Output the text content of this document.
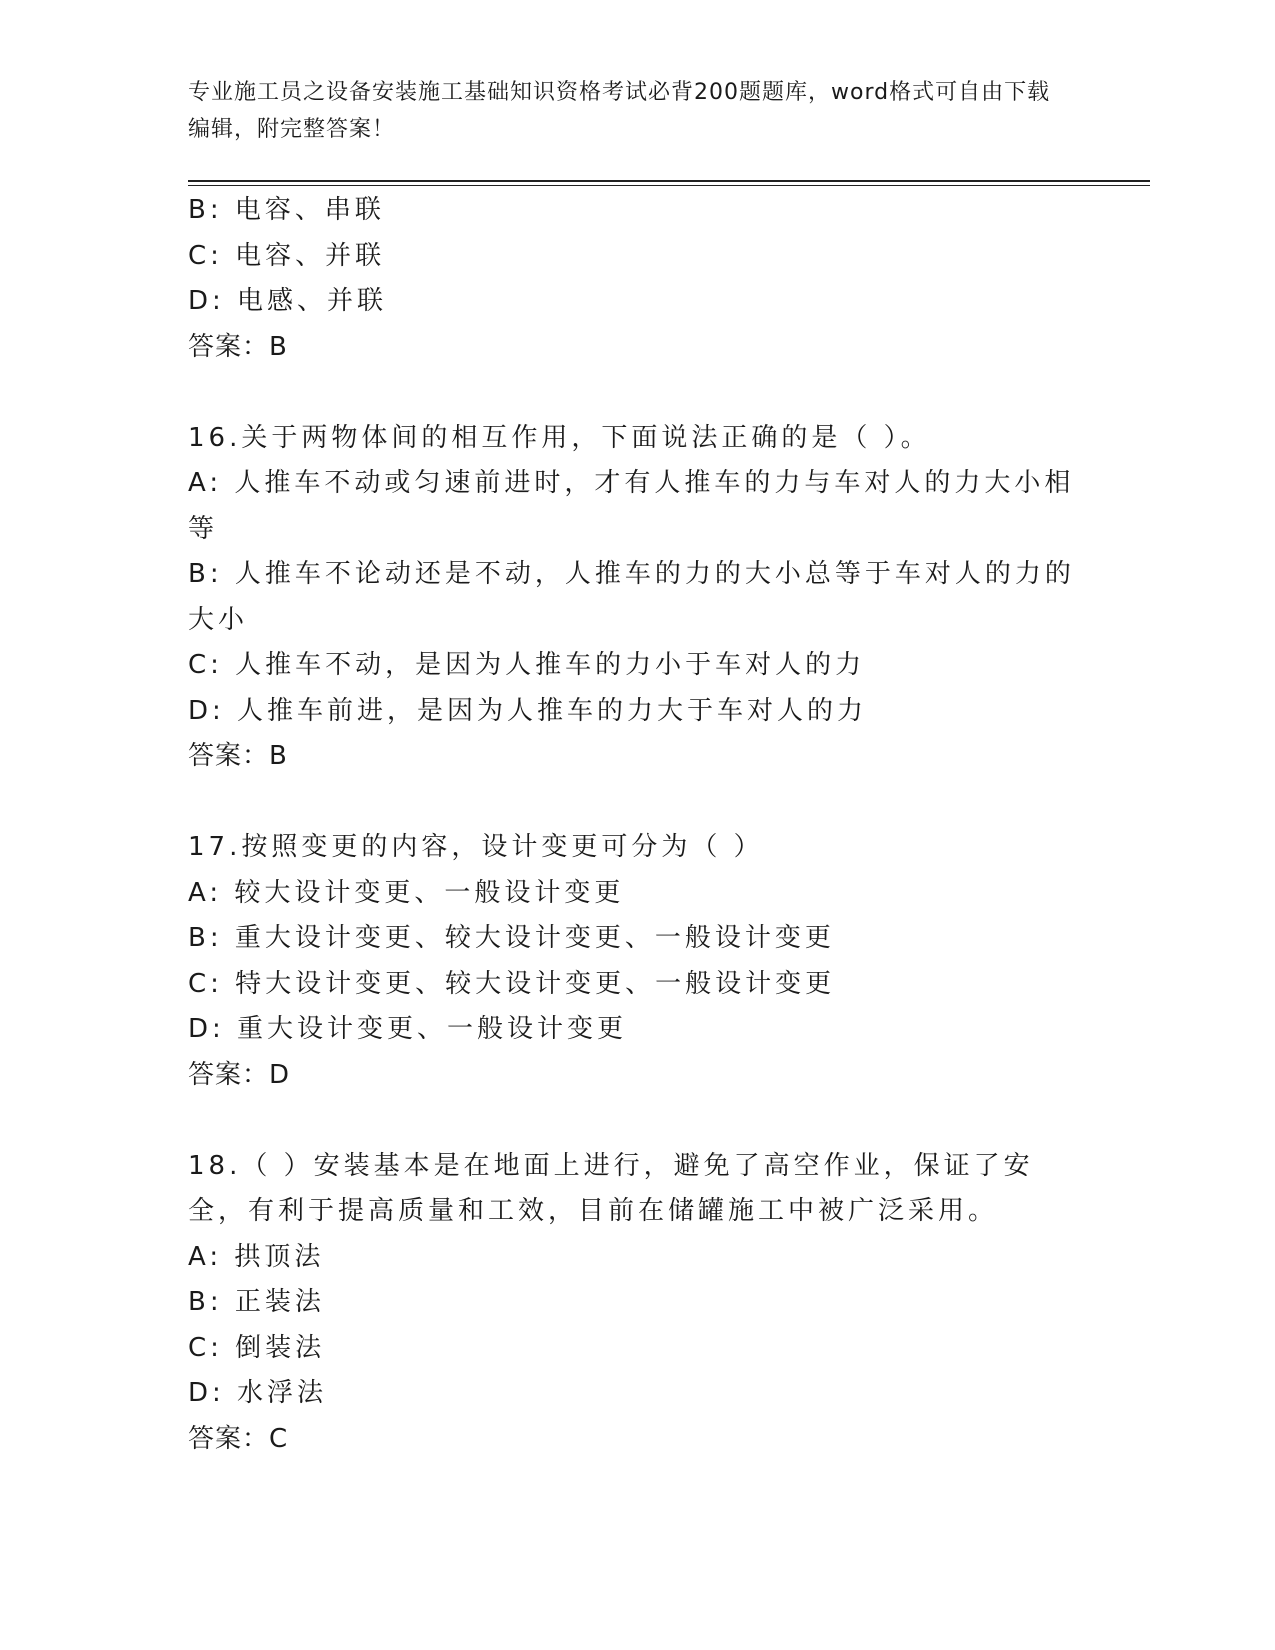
专业施工员之设备安装施工基础知识资格考试必背200题题库，word格式可自由下载编辑，附完整答案！

B: 电容、串联

C: 电容、并联

D: 电感、并联

答案：B

16.关于两物体间的相互作用，下面说法正确的是（ ）。

A: 人推车不动或匀速前进时，才有人推车的力与车对人的力大小相等

B: 人推车不论动还是不动，人推车的力的大小总等于车对人的力的大小

C: 人推车不动，是因为人推车的力小于车对人的力

D: 人推车前进，是因为人推车的力大于车对人的力

答案：B

17.按照变更的内容，设计变更可分为（ ）

A: 较大设计变更、一般设计变更

B: 重大设计变更、较大设计变更、一般设计变更

C: 特大设计变更、较大设计变更、一般设计变更

D: 重大设计变更、一般设计变更

答案：D

18.（ ）安装基本是在地面上进行，避免了高空作业，保证了安全，有利于提高质量和工效，目前在储罐施工中被广泛采用。

A: 拱顶法

B: 正装法

C: 倒装法

D: 水浮法

答案：C
